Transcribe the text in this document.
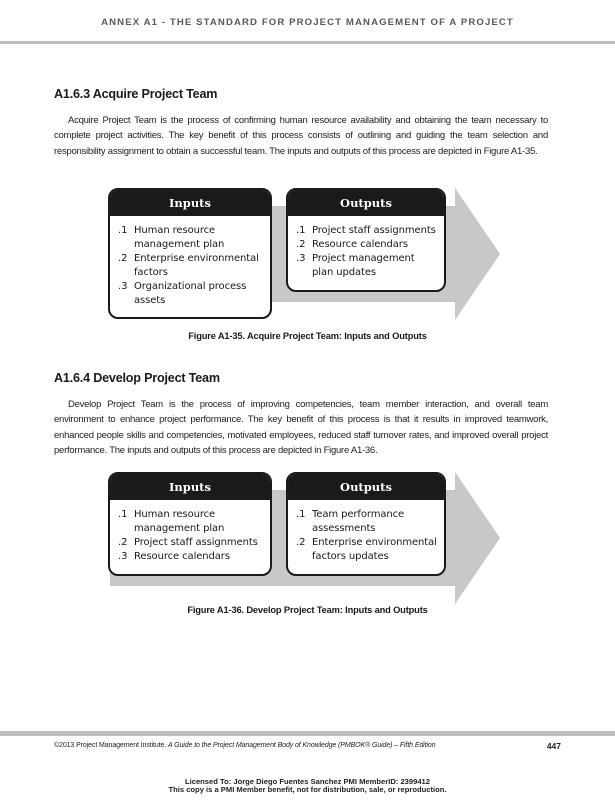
ANNEX A1 - THE STANDARD FOR PROJECT MANAGEMENT OF A PROJECT
A1.6.3 Acquire Project Team

Acquire Project Team is the process of confirming human resource availability and obtaining the team necessary to complete project activities. The key benefit of this process consists of outlining and guiding the team selection and responsibility assignment to obtain a successful team. The inputs and outputs of this process are depicted in Figure A1-35.

Inputs
.1 Human resource management plan
.2 Enterprise environmental factors
.3 Organizational process assets
Outputs
.1 Project staff assignments
.2 Resource calendars
.3 Project management plan updates
Figure A1-35. Acquire Project Team: Inputs and Outputs
A1.6.4 Develop Project Team

Develop Project Team is the process of improving competencies, team member interaction, and overall team environment to enhance project performance. The key benefit of this process is that it results in improved teamwork, enhanced people skills and competencies, motivated employees, reduced staff turnover rates, and improved overall project performance. The inputs and outputs of this process are depicted in Figure A1-36.

Inputs
.1 Human resource management plan
.2 Project staff assignments
.3 Resource calendars
Outputs
.1 Team performance assessments
.2 Enterprise environmental factors updates
Figure A1-36. Develop Project Team: Inputs and Outputs
©2013 Project Management Institute. A Guide to the Project Management Body of Knowledge (PMBOK® Guide) – Fifth Edition	447
Licensed To: Jorge Diego Fuentes Sanchez PMI MemberID: 2399412
This copy is a PMI Member benefit, not for distribution, sale, or reproduction.
